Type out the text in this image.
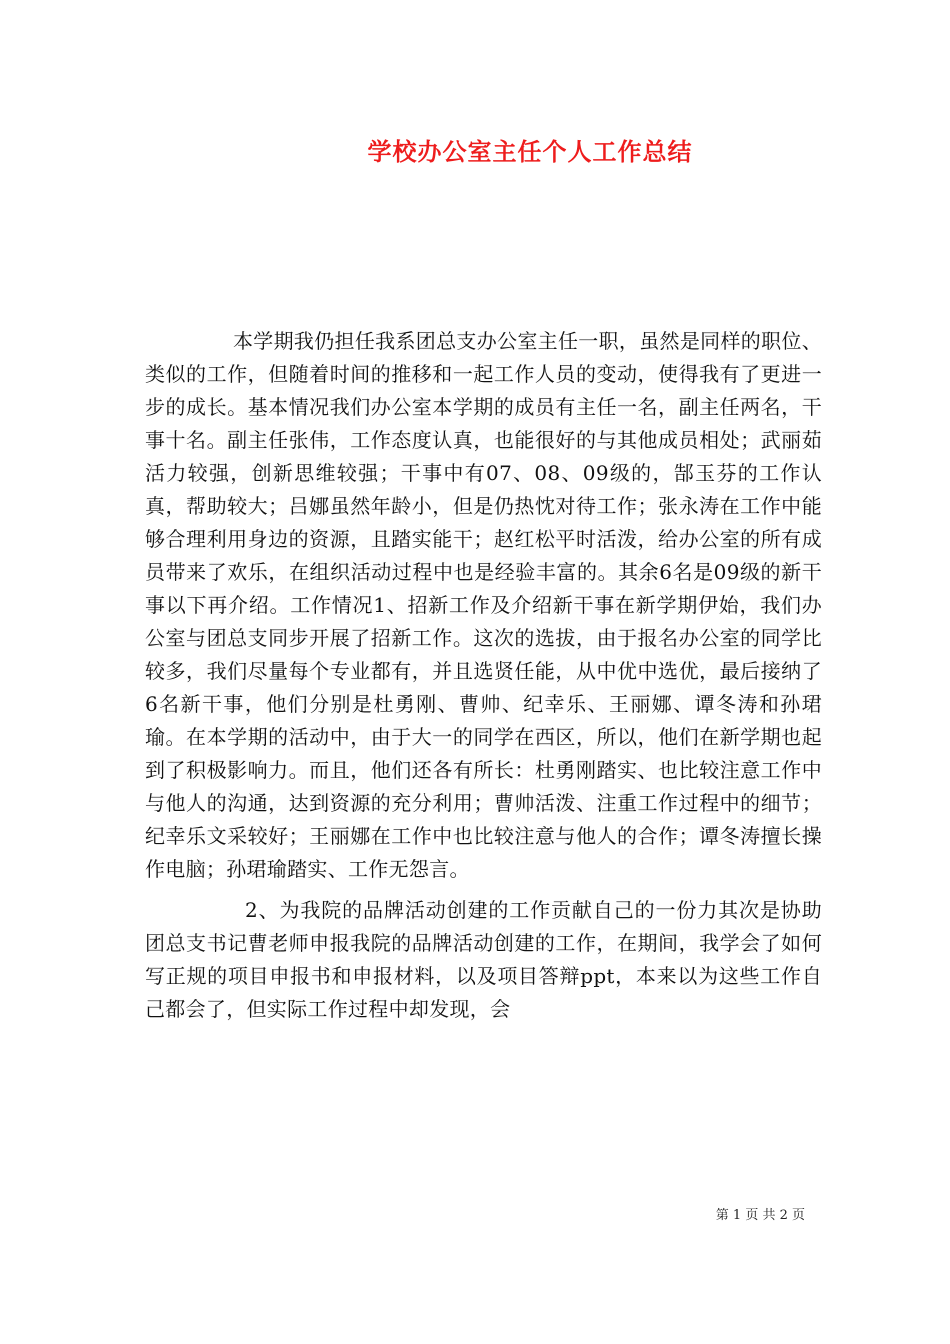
学校办公室主任个人工作总结

本学期我仍担任我系团总支办公室主任一职，虽然是同样的职位、类似的工作，但随着时间的推移和一起工作人员的变动，使得我有了更进一步的成长。基本情况我们办公室本学期的成员有主任一名，副主任两名，干事十名。副主任张伟，工作态度认真，也能很好的与其他成员相处；武丽茹活力较强，创新思维较强；干事中有07、08、09级的，郜玉芬的工作认真，帮助较大；吕娜虽然年龄小，但是仍热忱对待工作；张永涛在工作中能够合理利用身边的资源，且踏实能干；赵红松平时活泼，给办公室的所有成员带来了欢乐，在组织活动过程中也是经验丰富的。其余6名是09级的新干事以下再介绍。工作情况1、招新工作及介绍新干事在新学期伊始，我们办公室与团总支同步开展了招新工作。这次的选拔，由于报名办公室的同学比较多，我们尽量每个专业都有，并且选贤任能，从中优中选优，最后接纳了6名新干事，他们分别是杜勇刚、曹帅、纪幸乐、王丽娜、谭冬涛和孙珺瑜。在本学期的活动中，由于大一的同学在西区，所以，他们在新学期也起到了积极影响力。而且，他们还各有所长：杜勇刚踏实、也比较注意工作中与他人的沟通，达到资源的充分利用；曹帅活泼、注重工作过程中的细节；纪幸乐文采较好；王丽娜在工作中也比较注意与他人的合作；谭冬涛擅长操作电脑；孙珺瑜踏实、工作无怨言。

2、为我院的品牌活动创建的工作贡献自己的一份力其次是协助团总支书记曹老师申报我院的品牌活动创建的工作，在期间，我学会了如何写正规的项目申报书和申报材料，以及项目答辩ppt，本来以为这些工作自己都会了，但实际工作过程中却发现，会

第 1 页 共 2 页
